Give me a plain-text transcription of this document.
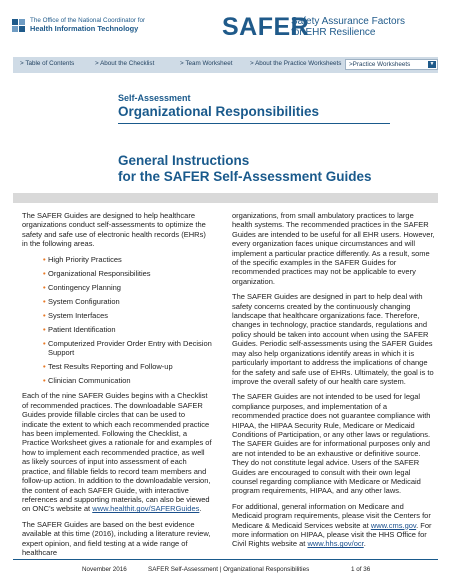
The Office of the National Coordinator for
Health Information Technology	SAFER
Safety Assurance Factors
for EHR Resilience
> Table of Contents	> About the Checklist	> Team Worksheet	> About the Practice Worksheets	>Practice Worksheets	▼
Self-Assessment
Organizational Responsibilities
General Instructions
for the SAFER Self-Assessment Guides

The SAFER Guides are designed to help healthcare organizations conduct self-assessments to optimize the safety and safe use of electronic health records (EHRs) in the following areas.

• High Priority Practices
• Organizational Responsibilities
• Contingency Planning
• System Configuration
• System Interfaces
• Patient Identification
• Computerized Provider Order Entry with Decision Support
• Test Results Reporting and Follow-up
• Clinician Communication

Each of the nine SAFER Guides begins with a Checklist of recommended practices. The downloadable SAFER Guides provide fillable circles that can be used to indicate the extent to which each recommended practice has been implemented. Following the Checklist, a Practice Worksheet gives a rationale for and examples of how to implement each recommended practice, as well as likely sources of input into assessment of each practice, and fillable fields to record team members and follow-up action. In addition to the downloadable version, the content of each SAFER Guide, with interactive references and supporting materials, can also be viewed on ONC's website at www.healthit.gov/SAFERGuides.

The SAFER Guides are based on the best evidence available at this time (2016), including a literature review, expert opinion, and field testing at a wide range of healthcare

organizations, from small ambulatory practices to large health systems. The recommended practices in the SAFER Guides are intended to be useful for all EHR users. However, every organization faces unique circumstances and will implement a particular practice differently. As a result, some of the specific examples in the SAFER Guides for recommended practices may not be applicable to every organization.

The SAFER Guides are designed in part to help deal with safety concerns created by the continuously changing landscape that healthcare organizations face. Therefore, changes in technology, practice standards, regulations and policy should be taken into account when using the SAFER Guides. Periodic self-assessments using the SAFER Guides may also help organizations identify areas in which it is particularly important to address the implications of change for the safety and safe use of EHRs. Ultimately, the goal is to improve the overall safety of our health care system.

The SAFER Guides are not intended to be used for legal compliance purposes, and implementation of a recommended practice does not guarantee compliance with HIPAA, the HIPAA Security Rule, Medicare or Medicaid Conditions of Participation, or any other laws or regulations. The SAFER Guides are for informational purposes only and are not intended to be an exhaustive or definitive source. They do not constitute legal advice. Users of the SAFER Guides are encouraged to consult with their own legal counsel regarding compliance with Medicare or Medicaid program requirements, HIPAA, and any other laws.

For additional, general information on Medicare and Medicaid program requirements, please visit the Centers for Medicare & Medicaid Services website at www.cms.gov. For more information on HIPAA, please visit the HHS Office for Civil Rights website at www.hhs.gov/ocr.

November 2016	SAFER Self-Assessment | Organizational Responsibilities	1 of 36
